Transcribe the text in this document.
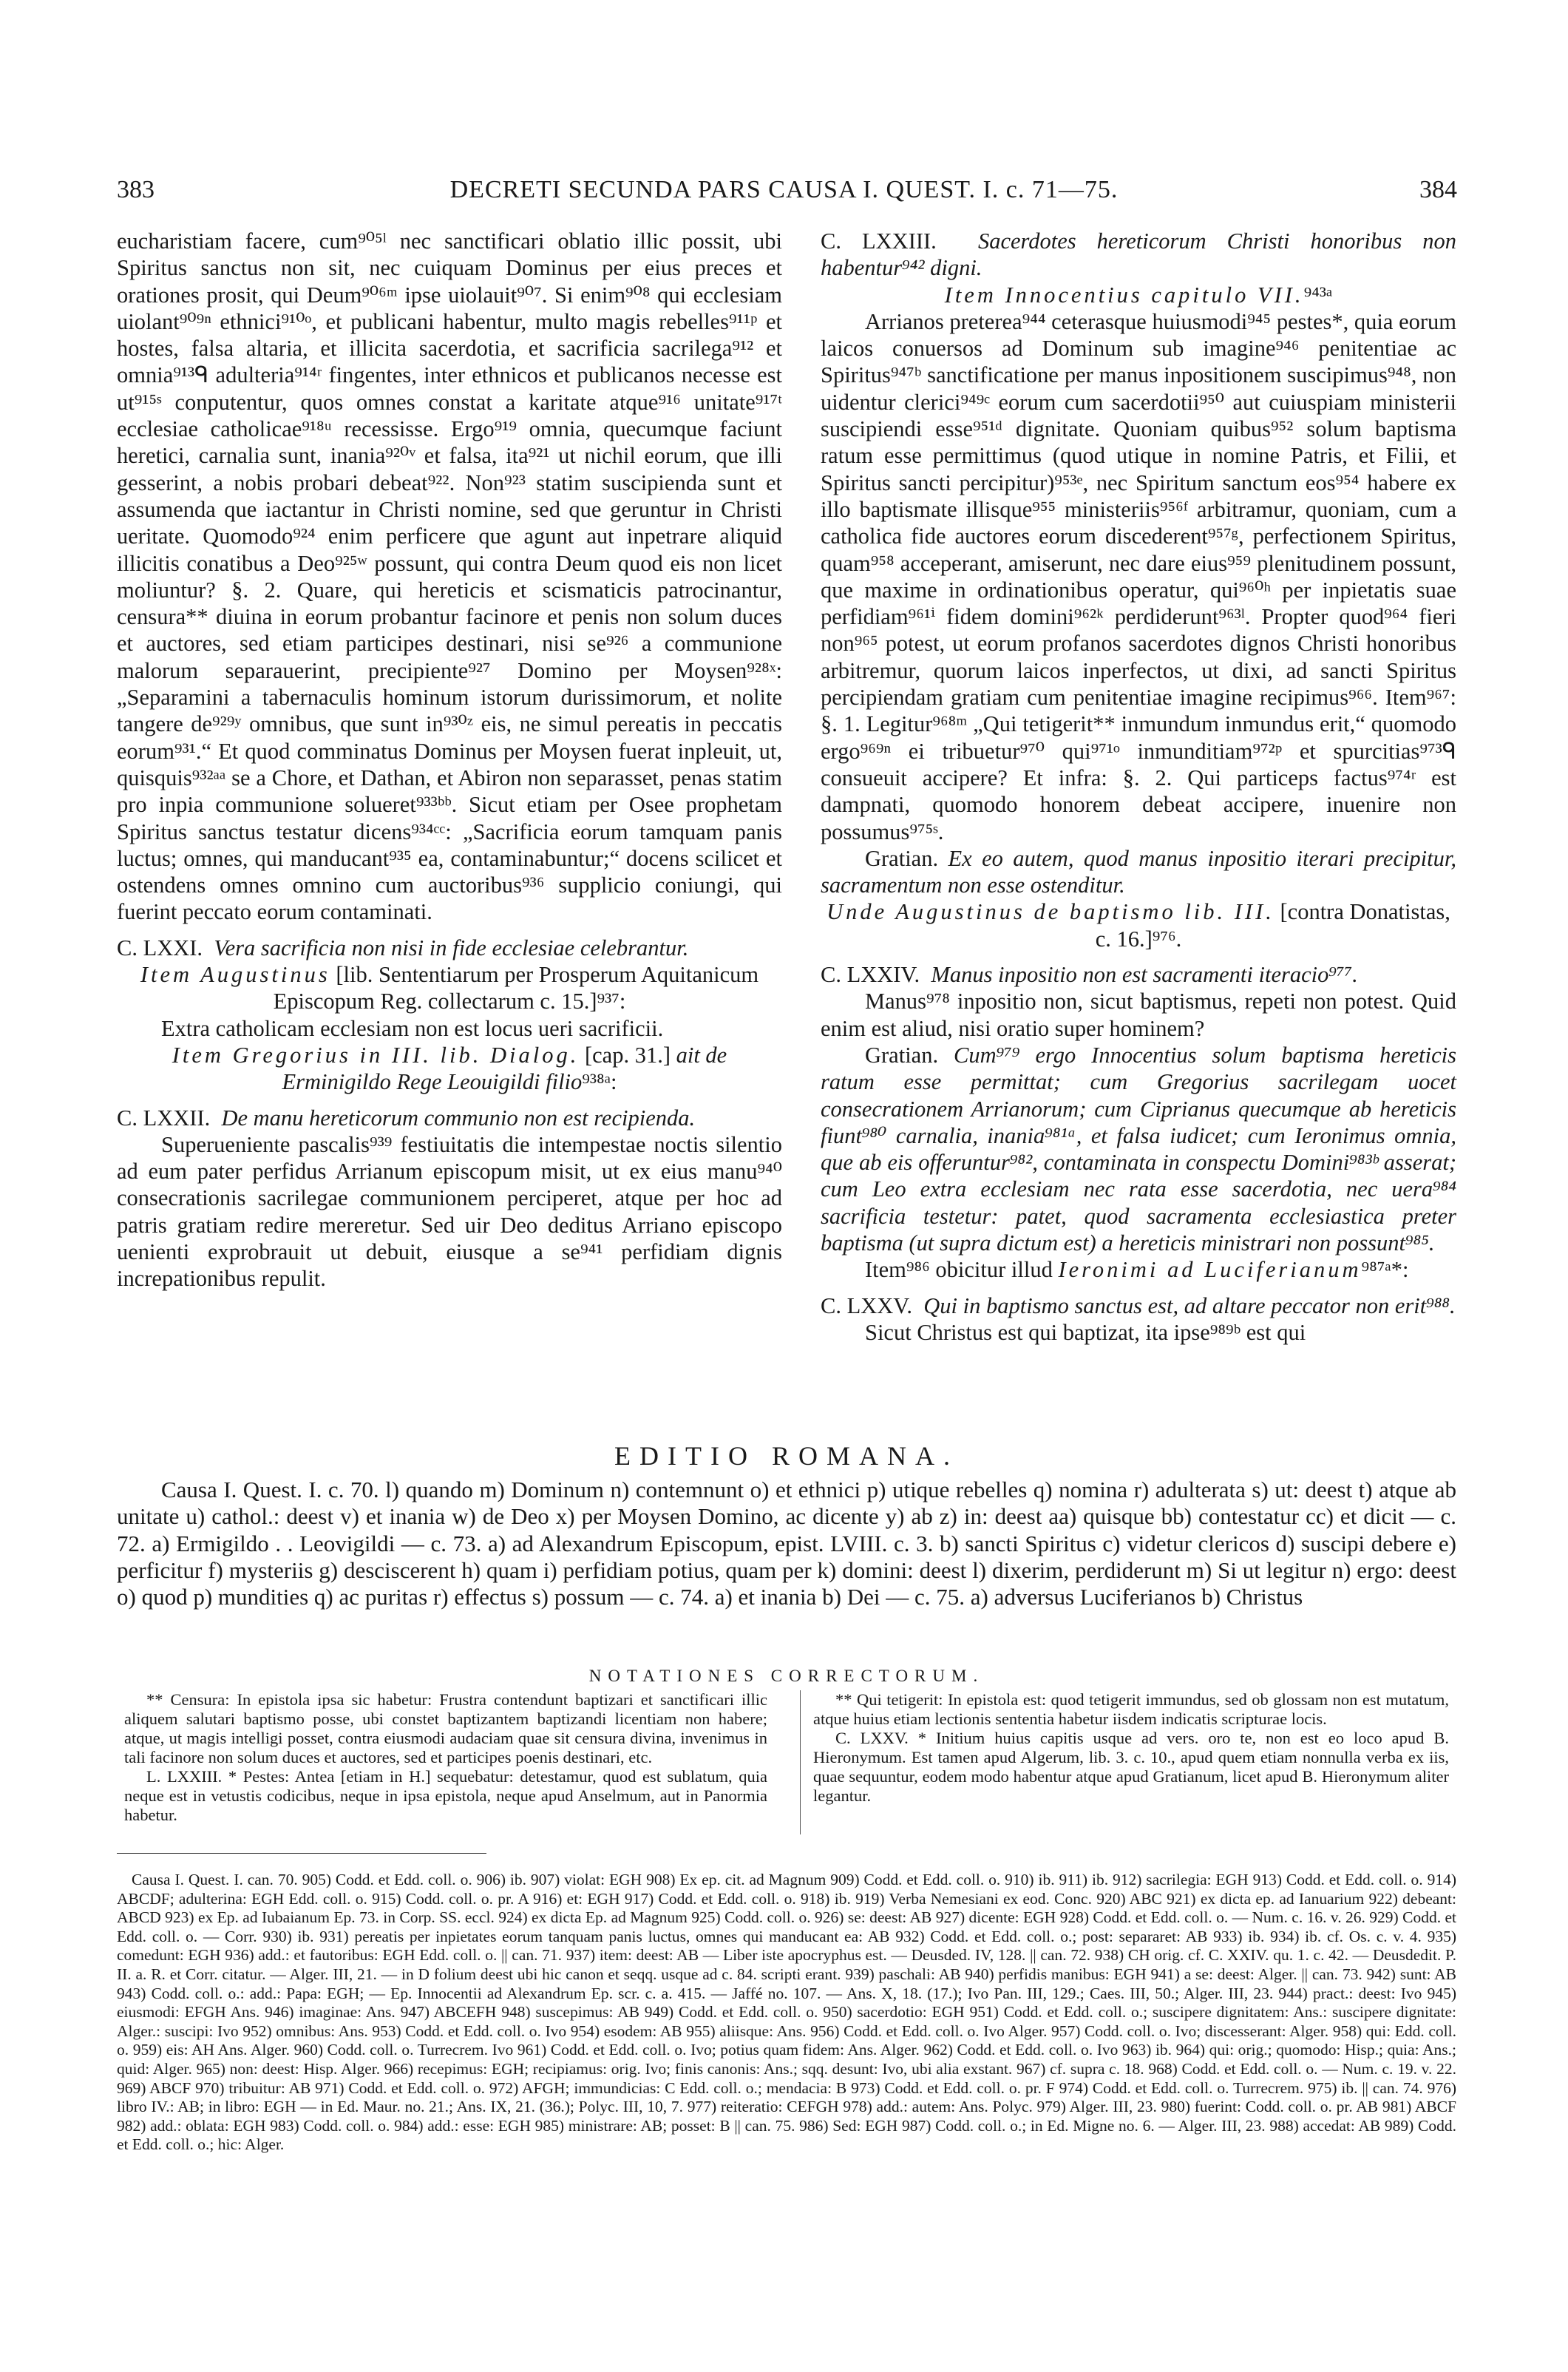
383	DECRETI SECUNDA PARS CAUSA I. QUEST. I. c. 71—75.	384

eucharistiam facere, cum⁹⁰⁵ˡ nec sanctificari oblatio illic possit, ubi Spiritus sanctus non sit, nec cuiquam Dominus per eius preces et orationes prosit, qui Deum⁹⁰⁶ᵐ ipse uiolauit⁹⁰⁷. Si enim⁹⁰⁸ qui ecclesiam uiolant⁹⁰⁹ⁿ ethnici⁹¹⁰ᵒ, et publicani habentur, multo magis rebelles⁹¹¹ᵖ et hostes, falsa altaria, et illicita sacerdotia, et sacrificia sacrilega⁹¹² et omnia⁹¹³ᑫ adulteria⁹¹⁴ʳ fingentes, inter ethnicos et publicanos necesse est ut⁹¹⁵ˢ conputentur, quos omnes constat a karitate atque⁹¹⁶ unitate⁹¹⁷ᵗ ecclesiae catholicae⁹¹⁸ᵘ recessisse. Ergo⁹¹⁹ omnia, quecumque faciunt heretici, carnalia sunt, inania⁹²⁰ᵛ et falsa, ita⁹²¹ ut nichil eorum, que illi gesserint, a nobis probari debeat⁹²². Non⁹²³ statim suscipienda sunt et assumenda que iactantur in Christi nomine, sed que geruntur in Christi ueritate. Quomodo⁹²⁴ enim perficere que agunt aut inpetrare aliquid illicitis conatibus a Deo⁹²⁵ʷ possunt, qui contra Deum quod eis non licet moliuntur? §. 2. Quare, qui hereticis et scismaticis patrocinantur, censura** diuina in eorum probantur facinore et penis non solum duces et auctores, sed etiam participes destinari, nisi se⁹²⁶ a communione malorum separauerint, precipiente⁹²⁷ Domino per Moysen⁹²⁸ˣ: „Separamini a tabernaculis hominum istorum durissimorum, et nolite tangere de⁹²⁹ʸ omnibus, que sunt in⁹³⁰ᶻ eis, ne simul pereatis in peccatis eorum⁹³¹.“ Et quod comminatus Dominus per Moysen fuerat inpleuit, ut, quisquis⁹³²ᵃᵃ se a Chore, et Dathan, et Abiron non separasset, penas statim pro inpia communione solueret⁹³³ᵇᵇ. Sicut etiam per Osee prophetam Spiritus sanctus testatur dicens⁹³⁴ᶜᶜ: „Sacrificia eorum tamquam panis luctus; omnes, qui manducant⁹³⁵ ea, contaminabuntur;“ docens scilicet et ostendens omnes omnino cum auctoribus⁹³⁶ supplicio coniungi, qui fuerint peccato eorum contaminati.

C. LXXI. Vera sacrificia non nisi in fide ecclesiae celebrantur.

Item Augustinus [lib. Sententiarum per Prosperum Aquitanicum Episcopum Reg. collectarum c. 15.]⁹³⁷:

Extra catholicam ecclesiam non est locus ueri sacrificii.

Item Gregorius in III. lib. Dialog. [cap. 31.] ait de Erminigildo Rege Leouigildi filio⁹³⁸ᵃ:

C. LXXII. De manu hereticorum communio non est recipienda.

Superueniente pascalis⁹³⁹ festiuitatis die intempestae noctis silentio ad eum pater perfidus Arrianum episcopum misit, ut ex eius manu⁹⁴⁰ consecrationis sacrilegae communionem perciperet, atque per hoc ad patris gratiam redire mereretur. Sed uir Deo deditus Arriano episcopo uenienti exprobrauit ut debuit, eiusque a se⁹⁴¹ perfidiam dignis increpationibus repulit.

C. LXXIII. Sacerdotes hereticorum Christi honoribus non habentur⁹⁴² digni.

Item Innocentius capitulo VII.⁹⁴³ᵃ

Arrianos preterea⁹⁴⁴ ceterasque huiusmodi⁹⁴⁵ pestes*, quia eorum laicos conuersos ad Dominum sub imagine⁹⁴⁶ penitentiae ac Spiritus⁹⁴⁷ᵇ sanctificatione per manus inpositionem suscipimus⁹⁴⁸, non uidentur clerici⁹⁴⁹ᶜ eorum cum sacerdotii⁹⁵⁰ aut cuiuspiam ministerii suscipiendi esse⁹⁵¹ᵈ dignitate. Quoniam quibus⁹⁵² solum baptisma ratum esse permittimus (quod utique in nomine Patris, et Filii, et Spiritus sancti percipitur)⁹⁵³ᵉ, nec Spiritum sanctum eos⁹⁵⁴ habere ex illo baptismate illisque⁹⁵⁵ ministeriis⁹⁵⁶ᶠ arbitramur, quoniam, cum a catholica fide auctores eorum discederent⁹⁵⁷ᵍ, perfectionem Spiritus, quam⁹⁵⁸ acceperant, amiserunt, nec dare eius⁹⁵⁹ plenitudinem possunt, que maxime in ordinationibus operatur, qui⁹⁶⁰ʰ per inpietatis suae perfidiam⁹⁶¹ⁱ fidem domini⁹⁶²ᵏ perdiderunt⁹⁶³ˡ. Propter quod⁹⁶⁴ fieri non⁹⁶⁵ potest, ut eorum profanos sacerdotes dignos Christi honoribus arbitremur, quorum laicos inperfectos, ut dixi, ad sancti Spiritus percipiendam gratiam cum penitentiae imagine recipimus⁹⁶⁶. Item⁹⁶⁷: §. 1. Legitur⁹⁶⁸ᵐ „Qui tetigerit** inmundum inmundus erit,“ quomodo ergo⁹⁶⁹ⁿ ei tribuetur⁹⁷⁰ qui⁹⁷¹ᵒ inmunditiam⁹⁷²ᵖ et spurcitias⁹⁷³ᑫ consueuit accipere? Et infra: §. 2. Qui particeps factus⁹⁷⁴ʳ est dampnati, quomodo honorem debeat accipere, inuenire non possumus⁹⁷⁵ˢ.

Gratian. Ex eo autem, quod manus inpositio iterari precipitur, sacramentum non esse ostenditur.

Unde Augustinus de baptismo lib. III. [contra Donatistas, c. 16.]⁹⁷⁶.

C. LXXIV. Manus inpositio non est sacramenti iteracio⁹⁷⁷.

Manus⁹⁷⁸ inpositio non, sicut baptismus, repeti non potest. Quid enim est aliud, nisi oratio super hominem?

Gratian. Cum⁹⁷⁹ ergo Innocentius solum baptisma hereticis ratum esse permittat; cum Gregorius sacrilegam uocet consecrationem Arrianorum; cum Ciprianus quecumque ab hereticis fiunt⁹⁸⁰ carnalia, inania⁹⁸¹ᵃ, et falsa iudicet; cum Ieronimus omnia, que ab eis offeruntur⁹⁸², contaminata in conspectu Domini⁹⁸³ᵇ asserat; cum Leo extra ecclesiam nec rata esse sacerdotia, nec uera⁹⁸⁴ sacrificia testetur: patet, quod sacramenta ecclesiastica preter baptisma (ut supra dictum est) a hereticis ministrari non possunt⁹⁸⁵.

Item⁹⁸⁶ obicitur illud Ieronimi ad Luciferianum⁹⁸⁷ᵃ*:

C. LXXV. Qui in baptismo sanctus est, ad altare peccator non erit⁹⁸⁸.

Sicut Christus est qui baptizat, ita ipse⁹⁸⁹ᵇ est qui

EDITIO ROMANA.

Causa I. Quest. I. c. 70. l) quando m) Dominum n) contemnunt o) et ethnici p) utique rebelles q) nomina r) adulterata s) ut: deest t) atque ab unitate u) cathol.: deest v) et inania w) de Deo x) per Moysen Domino, ac dicente y) ab z) in: deest aa) quisque bb) contestatur cc) et dicit — c. 72. a) Ermigildo . . Leovigildi — c. 73. a) ad Alexandrum Episcopum, epist. LVIII. c. 3. b) sancti Spiritus c) videtur clericos d) suscipi debere e) perficitur f) mysteriis g) desciscerent h) quam i) perfidiam potius, quam per k) domini: deest l) dixerim, perdiderunt m) Si ut legitur n) ergo: deest o) quod p) mundities q) ac puritas r) effectus s) possum — c. 74. a) et inania b) Dei — c. 75. a) adversus Luciferianos b) Christus

NOTATIONES CORRECTORUM.

** Censura: In epistola ipsa sic habetur: Frustra contendunt baptizari et sanctificari illic aliquem salutari baptismo posse, ubi constet baptizantem baptizandi licentiam non habere; atque, ut magis intelligi posset, contra eiusmodi audaciam quae sit censura divina, invenimus in tali facinore non solum duces et auctores, sed et participes poenis destinari, etc.

L. LXXIII. * Pestes: Antea [etiam in H.] sequebatur: detestamur, quod est sublatum, quia neque est in vetustis codicibus, neque in ipsa epistola, neque apud Anselmum, aut in Panormia habetur.

** Qui tetigerit: In epistola est: quod tetigerit immundus, sed ob glossam non est mutatum, atque huius etiam lectionis sententia habetur iisdem indicatis scripturae locis.

C. LXXV. * Initium huius capitis usque ad vers. oro te, non est eo loco apud B. Hieronymum. Est tamen apud Algerum, lib. 3. c. 10., apud quem etiam nonnulla verba ex iis, quae sequuntur, eodem modo habentur atque apud Gratianum, licet apud B. Hieronymum aliter legantur.

Causa I. Quest. I. can. 70. 905) Codd. et Edd. coll. o. 906) ib. 907) violat: EGH 908) Ex ep. cit. ad Magnum 909) Codd. et Edd. coll. o. 910) ib. 911) ib. 912) sacrilegia: EGH 913) Codd. et Edd. coll. o. 914) ABCDF; adulterina: EGH Edd. coll. o. 915) Codd. coll. o. pr. A 916) et: EGH 917) Codd. et Edd. coll. o. 918) ib. 919) Verba Nemesiani ex eod. Conc. 920) ABC 921) ex dicta ep. ad Ianuarium 922) debeant: ABCD 923) ex Ep. ad Iubaianum Ep. 73. in Corp. SS. eccl. 924) ex dicta Ep. ad Magnum 925) Codd. coll. o. 926) se: deest: AB 927) dicente: EGH 928) Codd. et Edd. coll. o. — Num. c. 16. v. 26. 929) Codd. et Edd. coll. o. — Corr. 930) ib. 931) pereatis per inpietates eorum tanquam panis luctus, omnes qui manducant ea: AB 932) Codd. et Edd. coll. o.; post: separaret: AB 933) ib. 934) ib. cf. Os. c. v. 4. 935) comedunt: EGH 936) add.: et fautoribus: EGH Edd. coll. o. || can. 71. 937) item: deest: AB — Liber iste apocryphus est. — Deusded. IV, 128. || can. 72. 938) CH orig. cf. C. XXIV. qu. 1. c. 42. — Deusdedit. P. II. a. R. et Corr. citatur. — Alger. III, 21. — in D folium deest ubi hic canon et seqq. usque ad c. 84. scripti erant. 939) paschali: AB 940) perfidis manibus: EGH 941) a se: deest: Alger. || can. 73. 942) sunt: AB 943) Codd. coll. o.: add.: Papa: EGH; — Ep. Innocentii ad Alexandrum Ep. scr. c. a. 415. — Jaffé no. 107. — Ans. X, 18. (17.); Ivo Pan. III, 129.; Caes. III, 50.; Alger. III, 23. 944) pract.: deest: Ivo 945) eiusmodi: EFGH Ans. 946) imaginae: Ans. 947) ABCEFH 948) suscepimus: AB 949) Codd. et Edd. coll. o. 950) sacerdotio: EGH 951) Codd. et Edd. coll. o.; suscipere dignitatem: Ans.: suscipere dignitate: Alger.: suscipi: Ivo 952) omnibus: Ans. 953) Codd. et Edd. coll. o. Ivo 954) esodem: AB 955) aliisque: Ans. 956) Codd. et Edd. coll. o. Ivo Alger. 957) Codd. coll. o. Ivo; discesserant: Alger. 958) qui: Edd. coll. o. 959) eis: AH Ans. Alger. 960) Codd. coll. o. Turrecrem. Ivo 961) Codd. et Edd. coll. o. Ivo; potius quam fidem: Ans. Alger. 962) Codd. et Edd. coll. o. Ivo 963) ib. 964) qui: orig.; quomodo: Hisp.; quia: Ans.; quid: Alger. 965) non: deest: Hisp. Alger. 966) recepimus: EGH; recipiamus: orig. Ivo; finis canonis: Ans.; sqq. desunt: Ivo, ubi alia exstant. 967) cf. supra c. 18. 968) Codd. et Edd. coll. o. — Num. c. 19. v. 22. 969) ABCF 970) tribuitur: AB 971) Codd. et Edd. coll. o. 972) AFGH; immundicias: C Edd. coll. o.; mendacia: B 973) Codd. et Edd. coll. o. pr. F 974) Codd. et Edd. coll. o. Turrecrem. 975) ib. || can. 74. 976) libro IV.: AB; in libro: EGH — in Ed. Maur. no. 21.; Ans. IX, 21. (36.); Polyc. III, 10, 7. 977) reiteratio: CEFGH 978) add.: autem: Ans. Polyc. 979) Alger. III, 23. 980) fuerint: Codd. coll. o. pr. AB 981) ABCF 982) add.: oblata: EGH 983) Codd. coll. o. 984) add.: esse: EGH 985) ministrare: AB; posset: B || can. 75. 986) Sed: EGH 987) Codd. coll. o.; in Ed. Migne no. 6. — Alger. III, 23. 988) accedat: AB 989) Codd. et Edd. coll. o.; hic: Alger.
